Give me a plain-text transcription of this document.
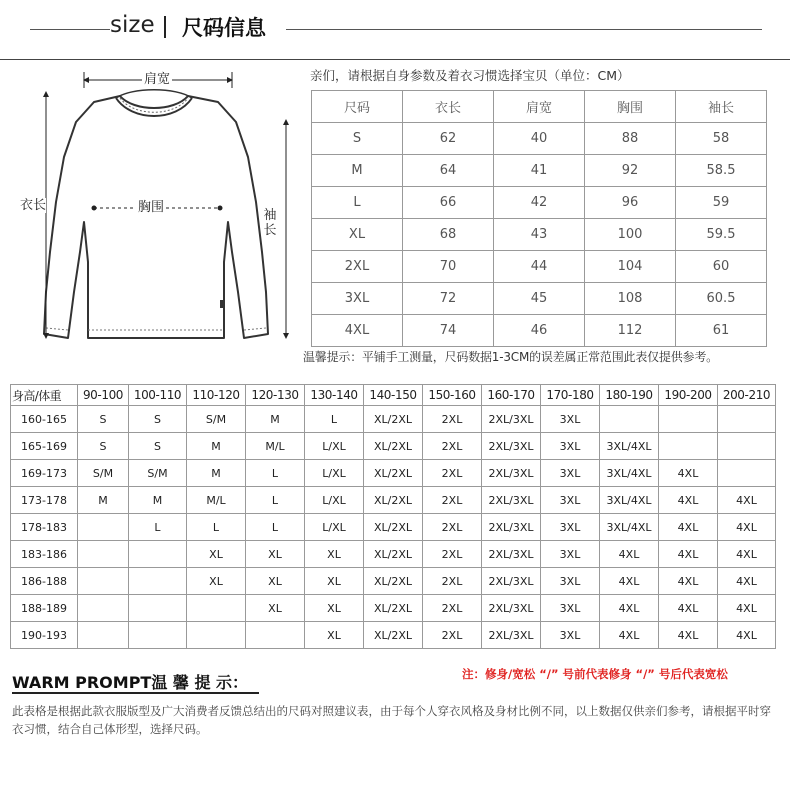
size 尺码信息
肩宽
衣长	胸围
袖长
亲们，请根据自身参数及着衣习惯选择宝贝（单位：CM）
尺码	衣长	肩宽	胸围	袖长
S	62	40	88	58
M	64	41	92	58.5
L	66	42	96	59
XL	68	43	100	59.5
2XL	70	44	104	60
3XL	72	45	108	60.5
4XL	74	46	112	61
温馨提示：平铺手工测量，尺码数据1-3CM的误差属正常范围此表仅提供参考。
身高/体重	90-100	100-110	110-120	120-130	130-140	140-150	150-160	160-170	170-180	180-190	190-200	200-210
160-165	S	S	S/M	M	L	XL/2XL	2XL	2XL/3XL	3XL			
165-169	S	S	M	M/L	L/XL	XL/2XL	2XL	2XL/3XL	3XL	3XL/4XL		
169-173	S/M	S/M	M	L	L/XL	XL/2XL	2XL	2XL/3XL	3XL	3XL/4XL	4XL	
173-178	M	M	M/L	L	L/XL	XL/2XL	2XL	2XL/3XL	3XL	3XL/4XL	4XL	4XL
178-183		L	L	L	L/XL	XL/2XL	2XL	2XL/3XL	3XL	3XL/4XL	4XL	4XL
183-186			XL	XL	XL	XL/2XL	2XL	2XL/3XL	3XL	4XL	4XL	4XL
186-188			XL	XL	XL	XL/2XL	2XL	2XL/3XL	3XL	4XL	4XL	4XL
188-189				XL	XL	XL/2XL	2XL	2XL/3XL	3XL	4XL	4XL	4XL
190-193					XL	XL/2XL	2XL	2XL/3XL	3XL	4XL	4XL	4XL
WARM PROMPT温 馨 提 示：	注：修身/宽松 “/” 号前代表修身 “/” 号后代表宽松
此表格是根据此款衣服版型及广大消费者反馈总结出的尺码对照建议表，由于每个人穿衣风格及身材比例不同，以上数据仅供亲们参考，请根据平时穿衣习惯，结合自己体形型，选择尺码。
